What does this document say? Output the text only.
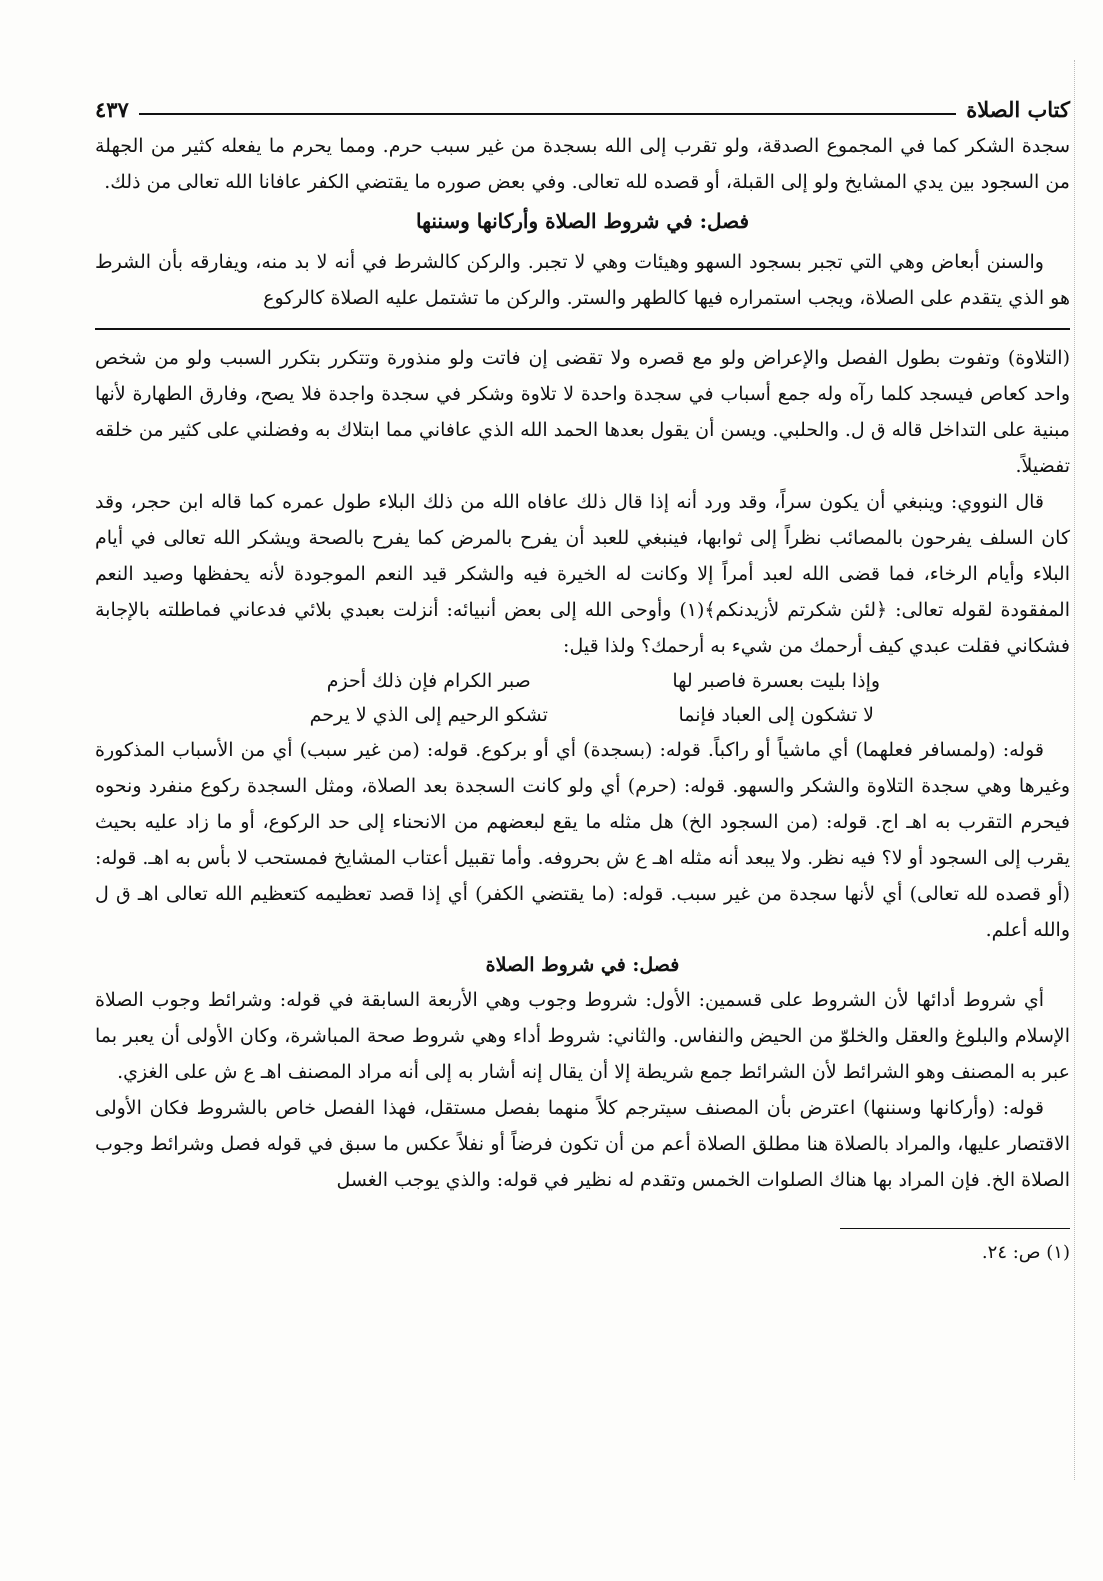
كتاب الصلاة
٤٣٧

سجدة الشكر كما في المجموع الصدقة، ولو تقرب إلى الله بسجدة من غير سبب حرم. ومما يحرم ما يفعله كثير من الجهلة من السجود بين يدي المشايخ ولو إلى القبلة، أو قصده لله تعالى. وفي بعض صوره ما يقتضي الكفر عافانا الله تعالى من ذلك.

فصل: في شروط الصلاة وأركانها وسننها

والسنن أبعاض وهي التي تجبر بسجود السهو وهيئات وهي لا تجبر. والركن كالشرط في أنه لا بد منه، ويفارقه بأن الشرط هو الذي يتقدم على الصلاة، ويجب استمراره فيها كالطهر والستر. والركن ما تشتمل عليه الصلاة كالركوع

(التلاوة) وتفوت بطول الفصل والإعراض ولو مع قصره ولا تقضى إن فاتت ولو منذورة وتتكرر بتكرر السبب ولو من شخص واحد كعاص فيسجد كلما رآه وله جمع أسباب في سجدة واحدة لا تلاوة وشكر في سجدة واجدة فلا يصح، وفارق الطهارة لأنها مبنية على التداخل قاله ق ل. والحلبي. ويسن أن يقول بعدها الحمد الله الذي عافاني مما ابتلاك به وفضلني على كثير من خلقه تفضيلاً.

قال النووي: وينبغي أن يكون سراً، وقد ورد أنه إذا قال ذلك عافاه الله من ذلك البلاء طول عمره كما قاله ابن حجر، وقد كان السلف يفرحون بالمصائب نظراً إلى ثوابها، فينبغي للعبد أن يفرح بالمرض كما يفرح بالصحة ويشكر الله تعالى في أيام البلاء وأيام الرخاء، فما قضى الله لعبد أمراً إلا وكانت له الخيرة فيه والشكر قيد النعم الموجودة لأنه يحفظها وصيد النعم المفقودة لقوله تعالى: ﴿لئن شكرتم لأزيدنكم﴾(١) وأوحى الله إلى بعض أنبيائه: أنزلت بعبدي بلائي فدعاني فماطلته بالإجابة فشكاني فقلت عبدي كيف أرحمك من شيء به أرحمك؟ ولذا قيل:

وإذا بليت بعسرة فاصبر لها
صبر الكرام فإن ذلك أحزم
لا تشكون إلى العباد فإنما
تشكو الرحيم إلى الذي لا يرحم

قوله: (ولمسافر فعلهما) أي ماشياً أو راكباً. قوله: (بسجدة) أي أو بركوع. قوله: (من غير سبب) أي من الأسباب المذكورة وغيرها وهي سجدة التلاوة والشكر والسهو. قوله: (حرم) أي ولو كانت السجدة بعد الصلاة، ومثل السجدة ركوع منفرد ونحوه فيحرم التقرب به اهـ اج. قوله: (من السجود الخ) هل مثله ما يقع لبعضهم من الانحناء إلى حد الركوع، أو ما زاد عليه بحيث يقرب إلى السجود أو لا؟ فيه نظر. ولا يبعد أنه مثله اهـ ع ش بحروفه. وأما تقبيل أعتاب المشايخ فمستحب لا بأس به اهـ. قوله: (أو قصده لله تعالى) أي لأنها سجدة من غير سبب. قوله: (ما يقتضي الكفر) أي إذا قصد تعظيمه كتعظيم الله تعالى اهـ ق ل والله أعلم.

فصل: في شروط الصلاة

أي شروط أدائها لأن الشروط على قسمين: الأول: شروط وجوب وهي الأربعة السابقة في قوله: وشرائط وجوب الصلاة الإسلام والبلوغ والعقل والخلوّ من الحيض والنفاس. والثاني: شروط أداء وهي شروط صحة المباشرة، وكان الأولى أن يعبر بما عبر به المصنف وهو الشرائط لأن الشرائط جمع شريطة إلا أن يقال إنه أشار به إلى أنه مراد المصنف اهـ ع ش على الغزي.

قوله: (وأركانها وسننها) اعترض بأن المصنف سيترجم كلاً منهما بفصل مستقل، فهذا الفصل خاص بالشروط فكان الأولى الاقتصار عليها، والمراد بالصلاة هنا مطلق الصلاة أعم من أن تكون فرضاً أو نفلاً عكس ما سبق في قوله فصل وشرائط وجوب الصلاة الخ. فإن المراد بها هناك الصلوات الخمس وتقدم له نظير في قوله: والذي يوجب الغسل

(١) ص: ٢٤.
